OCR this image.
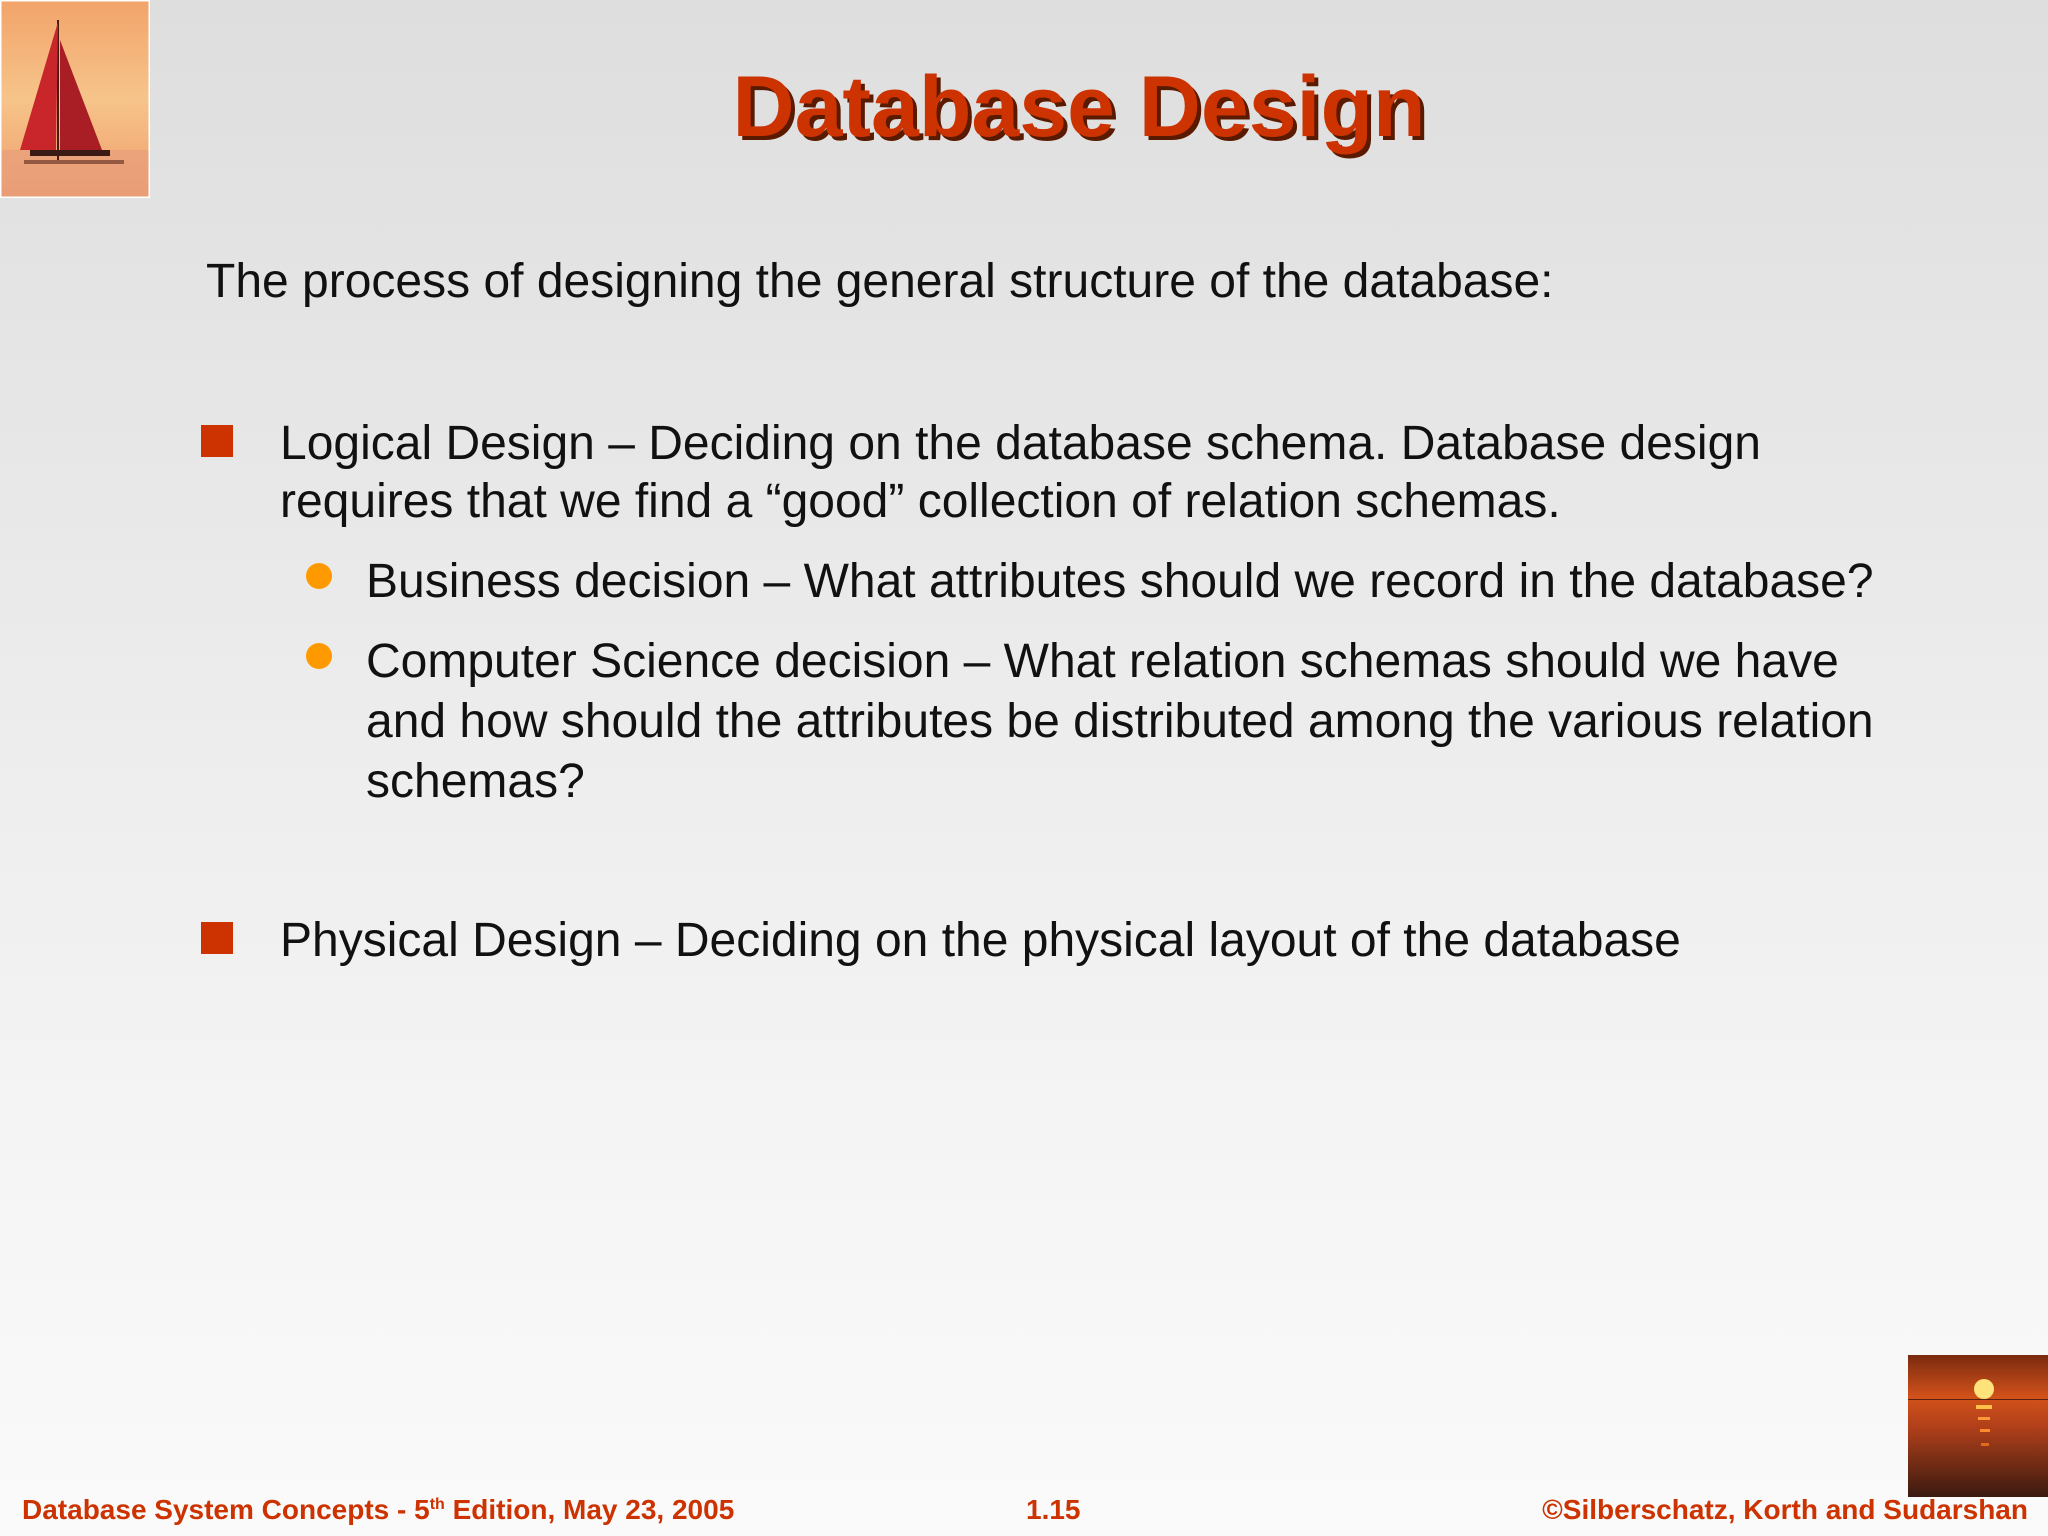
Database Design
The process of designing the general structure of the database:
Logical Design – Deciding on the database schema. Database design
requires that we find a “good” collection of relation schemas.
Business decision – What attributes should we record in the database?
Computer Science decision – What relation schemas should we have
and how should the attributes be distributed among the various relation
schemas?
Physical Design – Deciding on the physical layout of the database
Database System Concepts - 5th Edition, May 23, 2005	1.15	©Silberschatz, Korth and Sudarshan
